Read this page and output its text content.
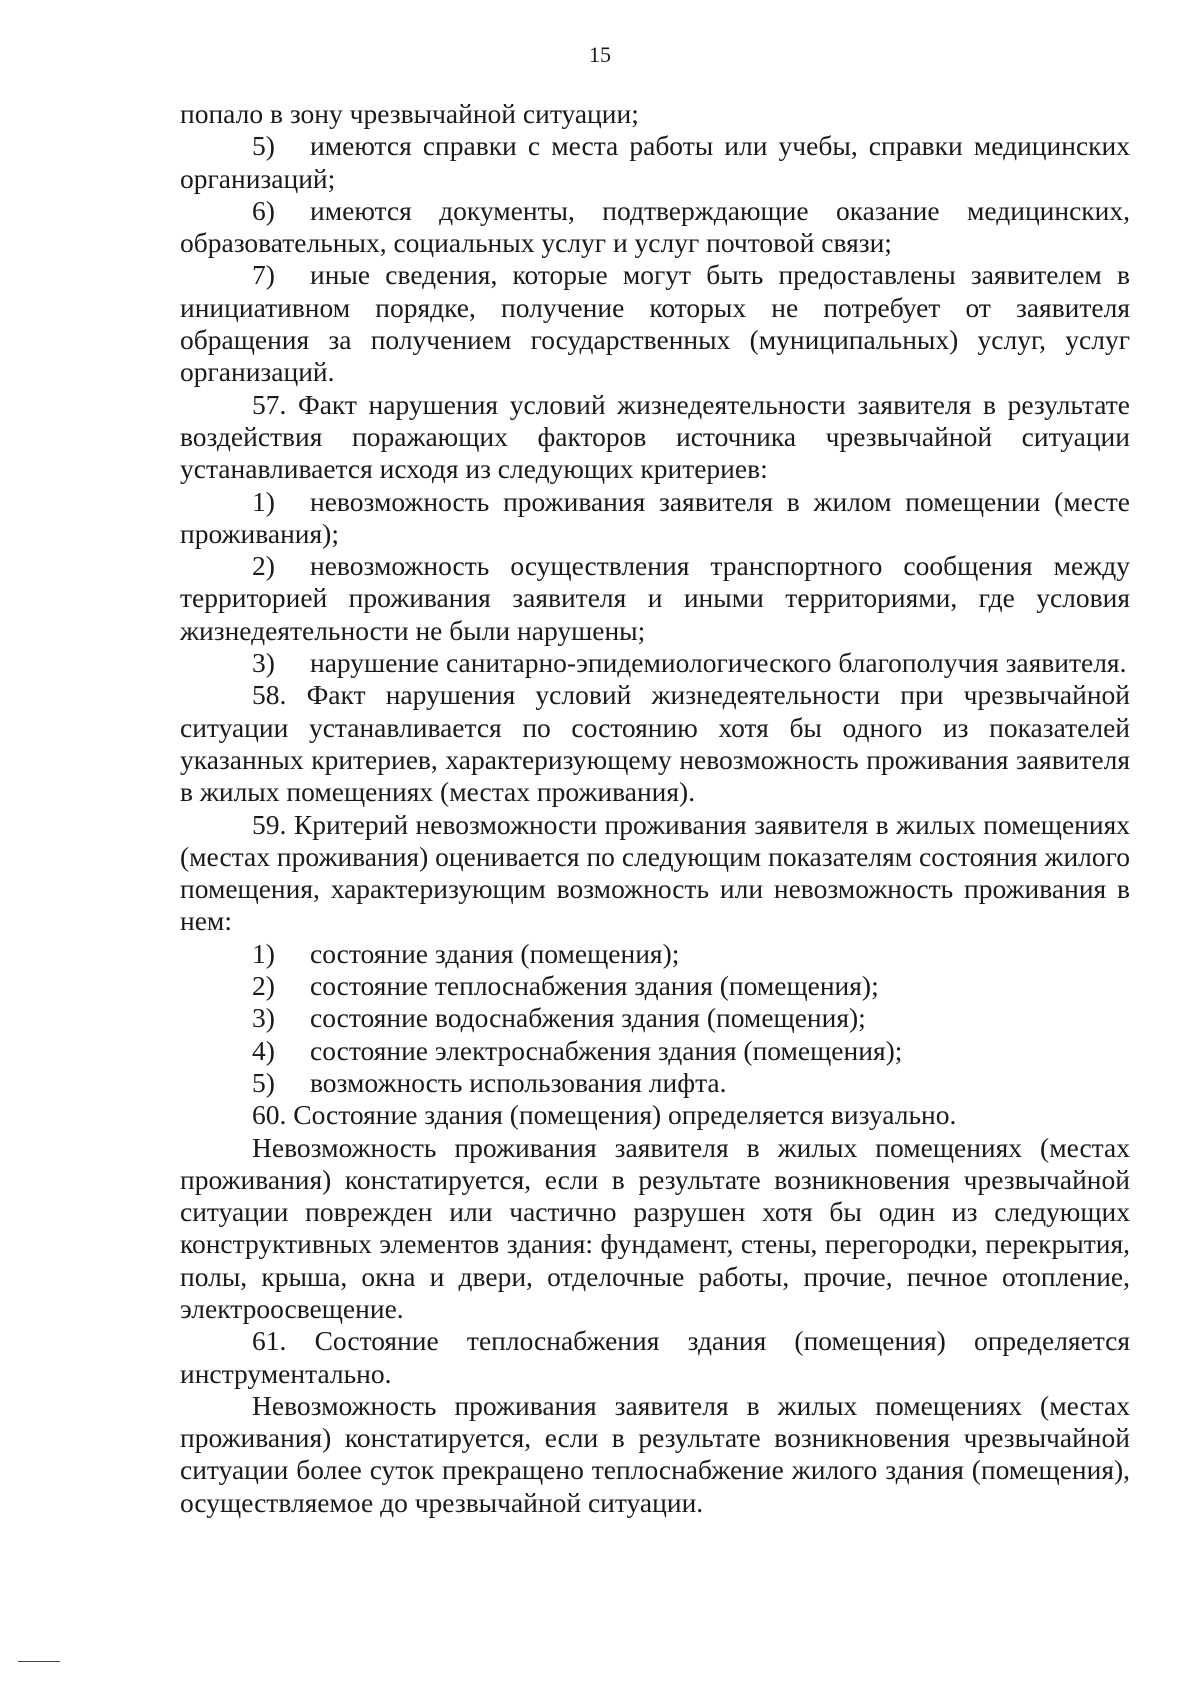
15

попало в зону чрезвычайной ситуации;

5) имеются справки с места работы или учебы, справки медицинских организаций;

6) имеются документы, подтверждающие оказание медицинских, образовательных, социальных услуг и услуг почтовой связи;

7) иные сведения, которые могут быть предоставлены заявителем в инициативном порядке, получение которых не потребует от заявителя обращения за получением государственных (муниципальных) услуг, услуг организаций.

57. Факт нарушения условий жизнедеятельности заявителя в результате воздействия поражающих факторов источника чрезвычайной ситуации устанавливается исходя из следующих критериев:

1) невозможность проживания заявителя в жилом помещении (месте проживания);

2) невозможность осуществления транспортного сообщения между территорией проживания заявителя и иными территориями, где условия жизнедеятельности не были нарушены;

3) нарушение санитарно-эпидемиологического благополучия заявителя.

58. Факт нарушения условий жизнедеятельности при чрезвычайной ситуации устанавливается по состоянию хотя бы одного из показателей указанных критериев, характеризующему невозможность проживания заявителя в жилых помещениях (местах проживания).

59. Критерий невозможности проживания заявителя в жилых помещениях (местах проживания) оценивается по следующим показателям состояния жилого помещения, характеризующим возможность или невозможность проживания в нем:

1) состояние здания (помещения);

2) состояние теплоснабжения здания (помещения);

3) состояние водоснабжения здания (помещения);

4) состояние электроснабжения здания (помещения);

5) возможность использования лифта.

60. Состояние здания (помещения) определяется визуально.

Невозможность проживания заявителя в жилых помещениях (местах проживания) констатируется, если в результате возникновения чрезвычайной ситуации поврежден или частично разрушен хотя бы один из следующих конструктивных элементов здания: фундамент, стены, перегородки, перекрытия, полы, крыша, окна и двери, отделочные работы, прочие, печное отопление, электроосвещение.

61. Состояние теплоснабжения здания (помещения) определяется инструментально.

Невозможность проживания заявителя в жилых помещениях (местах проживания) констатируется, если в результате возникновения чрезвычайной ситуации более суток прекращено теплоснабжение жилого здания (помещения), осуществляемое до чрезвычайной ситуации.
